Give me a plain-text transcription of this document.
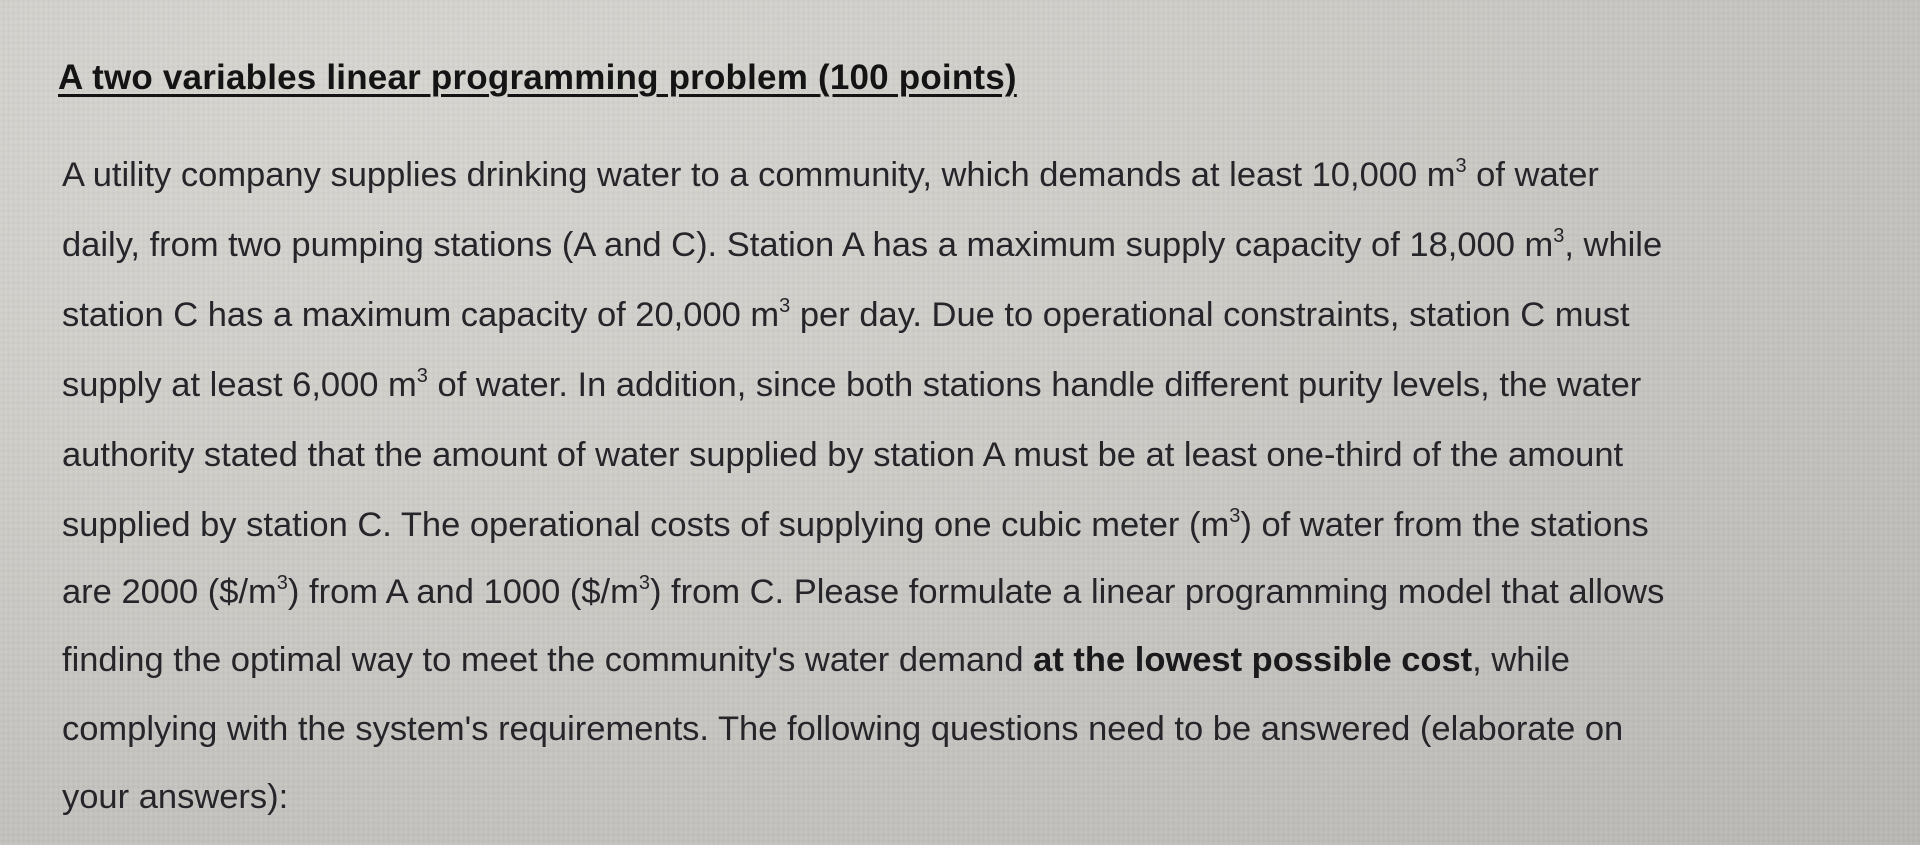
A two variables linear programming problem (100 points)
A utility company supplies drinking water to a community, which demands at least 10,000 $m^3$ of water
daily, from two pumping stations (A and C). Station A has a maximum supply capacity of 18,000 $m^3$, while
station C has a maximum capacity of 20,000 $m^3$ per day. Due to operational constraints, station C must
supply at least 6,000 $m^3$ of water. In addition, since both stations handle different purity levels, the water
authority stated that the amount of water supplied by station A must be at least one-third of the amount
supplied by station C. The operational costs of supplying one cubic meter $(m^3)$ of water from the stations
are 2000 $(\$/m^3)$ from A and 1000 $(\$/m^3)$ from C. Please formulate a linear programming model that allows
finding the optimal way to meet the community's water demand at the lowest possible cost, while
complying with the system's requirements. The following questions need to be answered (elaborate on
your answers):
